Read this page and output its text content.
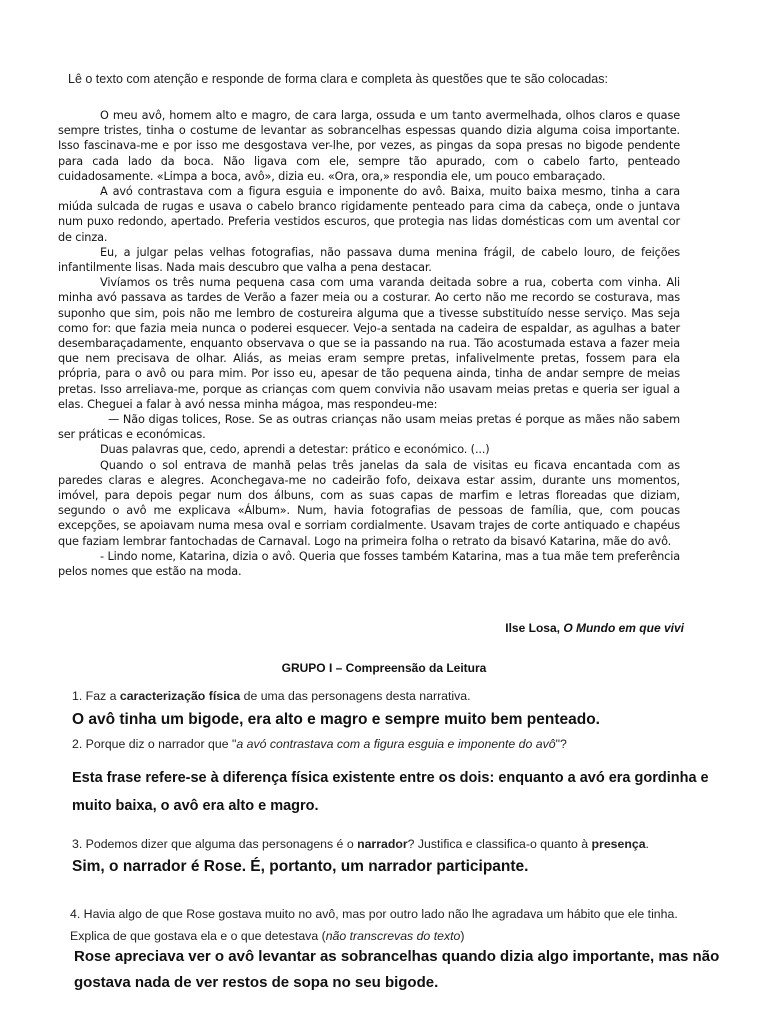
Lê o texto com atenção e responde de forma clara e completa às questões que te são colocadas:

O meu avô, homem alto e magro, de cara larga, ossuda e um tanto avermelhada, olhos claros e quase sempre tristes, tinha o costume de levantar as sobrancelhas espessas quando dizia alguma coisa importante. Isso fascinava-me e por isso me desgostava ver-lhe, por vezes, as pingas da sopa presas no bigode pendente para cada lado da boca. Não ligava com ele, sempre tão apurado, com o cabelo farto, penteado cuidadosamente. «Limpa a boca, avô», dizia eu. «Ora, ora,» respondia ele, um pouco embaraçado.

A avó contrastava com a figura esguia e imponente do avô. Baixa, muito baixa mesmo, tinha a cara miúda sulcada de rugas e usava o cabelo branco rigidamente penteado para cima da cabeça, onde o juntava num puxo redondo, apertado. Preferia vestidos escuros, que protegia nas lidas domésticas com um avental cor de cinza.

Eu, a julgar pelas velhas fotografias, não passava duma menina frágil, de cabelo louro, de feições infantilmente lisas. Nada mais descubro que valha a pena destacar.

Vivíamos os três numa pequena casa com uma varanda deitada sobre a rua, coberta com vinha. Ali minha avó passava as tardes de Verão a fazer meia ou a costurar. Ao certo não me recordo se costurava, mas suponho que sim, pois não me lembro de costureira alguma que a tivesse substituído nesse serviço. Mas seja como for: que fazia meia nunca o poderei esquecer. Vejo-a sentada na cadeira de espaldar, as agulhas a bater desembaraçadamente, enquanto observava o que se ia passando na rua. Tão acostumada estava a fazer meia que nem precisava de olhar. Aliás, as meias eram sempre pretas, infalivelmente pretas, fossem para ela própria, para o avô ou para mim. Por isso eu, apesar de tão pequena ainda, tinha de andar sempre de meias pretas. Isso arreliava-me, porque as crianças com quem convivia não usavam meias pretas e queria ser igual a elas. Cheguei a falar à avó nessa minha mágoa, mas respondeu-me:

— Não digas tolices, Rose. Se as outras crianças não usam meias pretas é porque as mães não sabem ser práticas e económicas.

Duas palavras que, cedo, aprendi a detestar: prático e económico. (...)

Quando o sol entrava de manhã pelas três janelas da sala de visitas eu ficava encantada com as paredes claras e alegres. Aconchegava-me no cadeirão fofo, deixava estar assim, durante uns momentos, imóvel, para depois pegar num dos álbuns, com as suas capas de marfim e letras floreadas que diziam, segundo o avô me explicava «Álbum». Num, havia fotografias de pessoas de família, que, com poucas excepções, se apoiavam numa mesa oval e sorriam cordialmente. Usavam trajes de corte antiquado e chapéus que faziam lembrar fantochadas de Carnaval. Logo na primeira folha o retrato da bisavó Katarina, mãe do avô.

- Lindo nome, Katarina, dizia o avô. Queria que fosses também Katarina, mas a tua mãe tem preferência pelos nomes que estão na moda.

Ilse Losa, O Mundo em que vivi
GRUPO I – Compreensão da Leitura
1. Faz a caracterização física de uma das personagens desta narrativa.
O avô tinha um bigode, era alto e magro e sempre muito bem penteado.
2. Porque diz o narrador que "a avó contrastava com a figura esguia e imponente do avô"?
Esta frase refere-se à diferença física existente entre os dois: enquanto a avó era gordinha e muito baixa, o avô era alto e magro.
3. Podemos dizer que alguma das personagens é o narrador? Justifica e classifica-o quanto à presença.
Sim, o narrador é Rose. É, portanto, um narrador participante.
4. Havia algo de que Rose gostava muito no avô, mas por outro lado não lhe agradava um hábito que ele tinha. Explica de que gostava ela e o que detestava (não transcrevas do texto)
Rose apreciava ver o avô levantar as sobrancelhas quando dizia algo importante, mas não gostava nada de ver restos de sopa no seu bigode.
